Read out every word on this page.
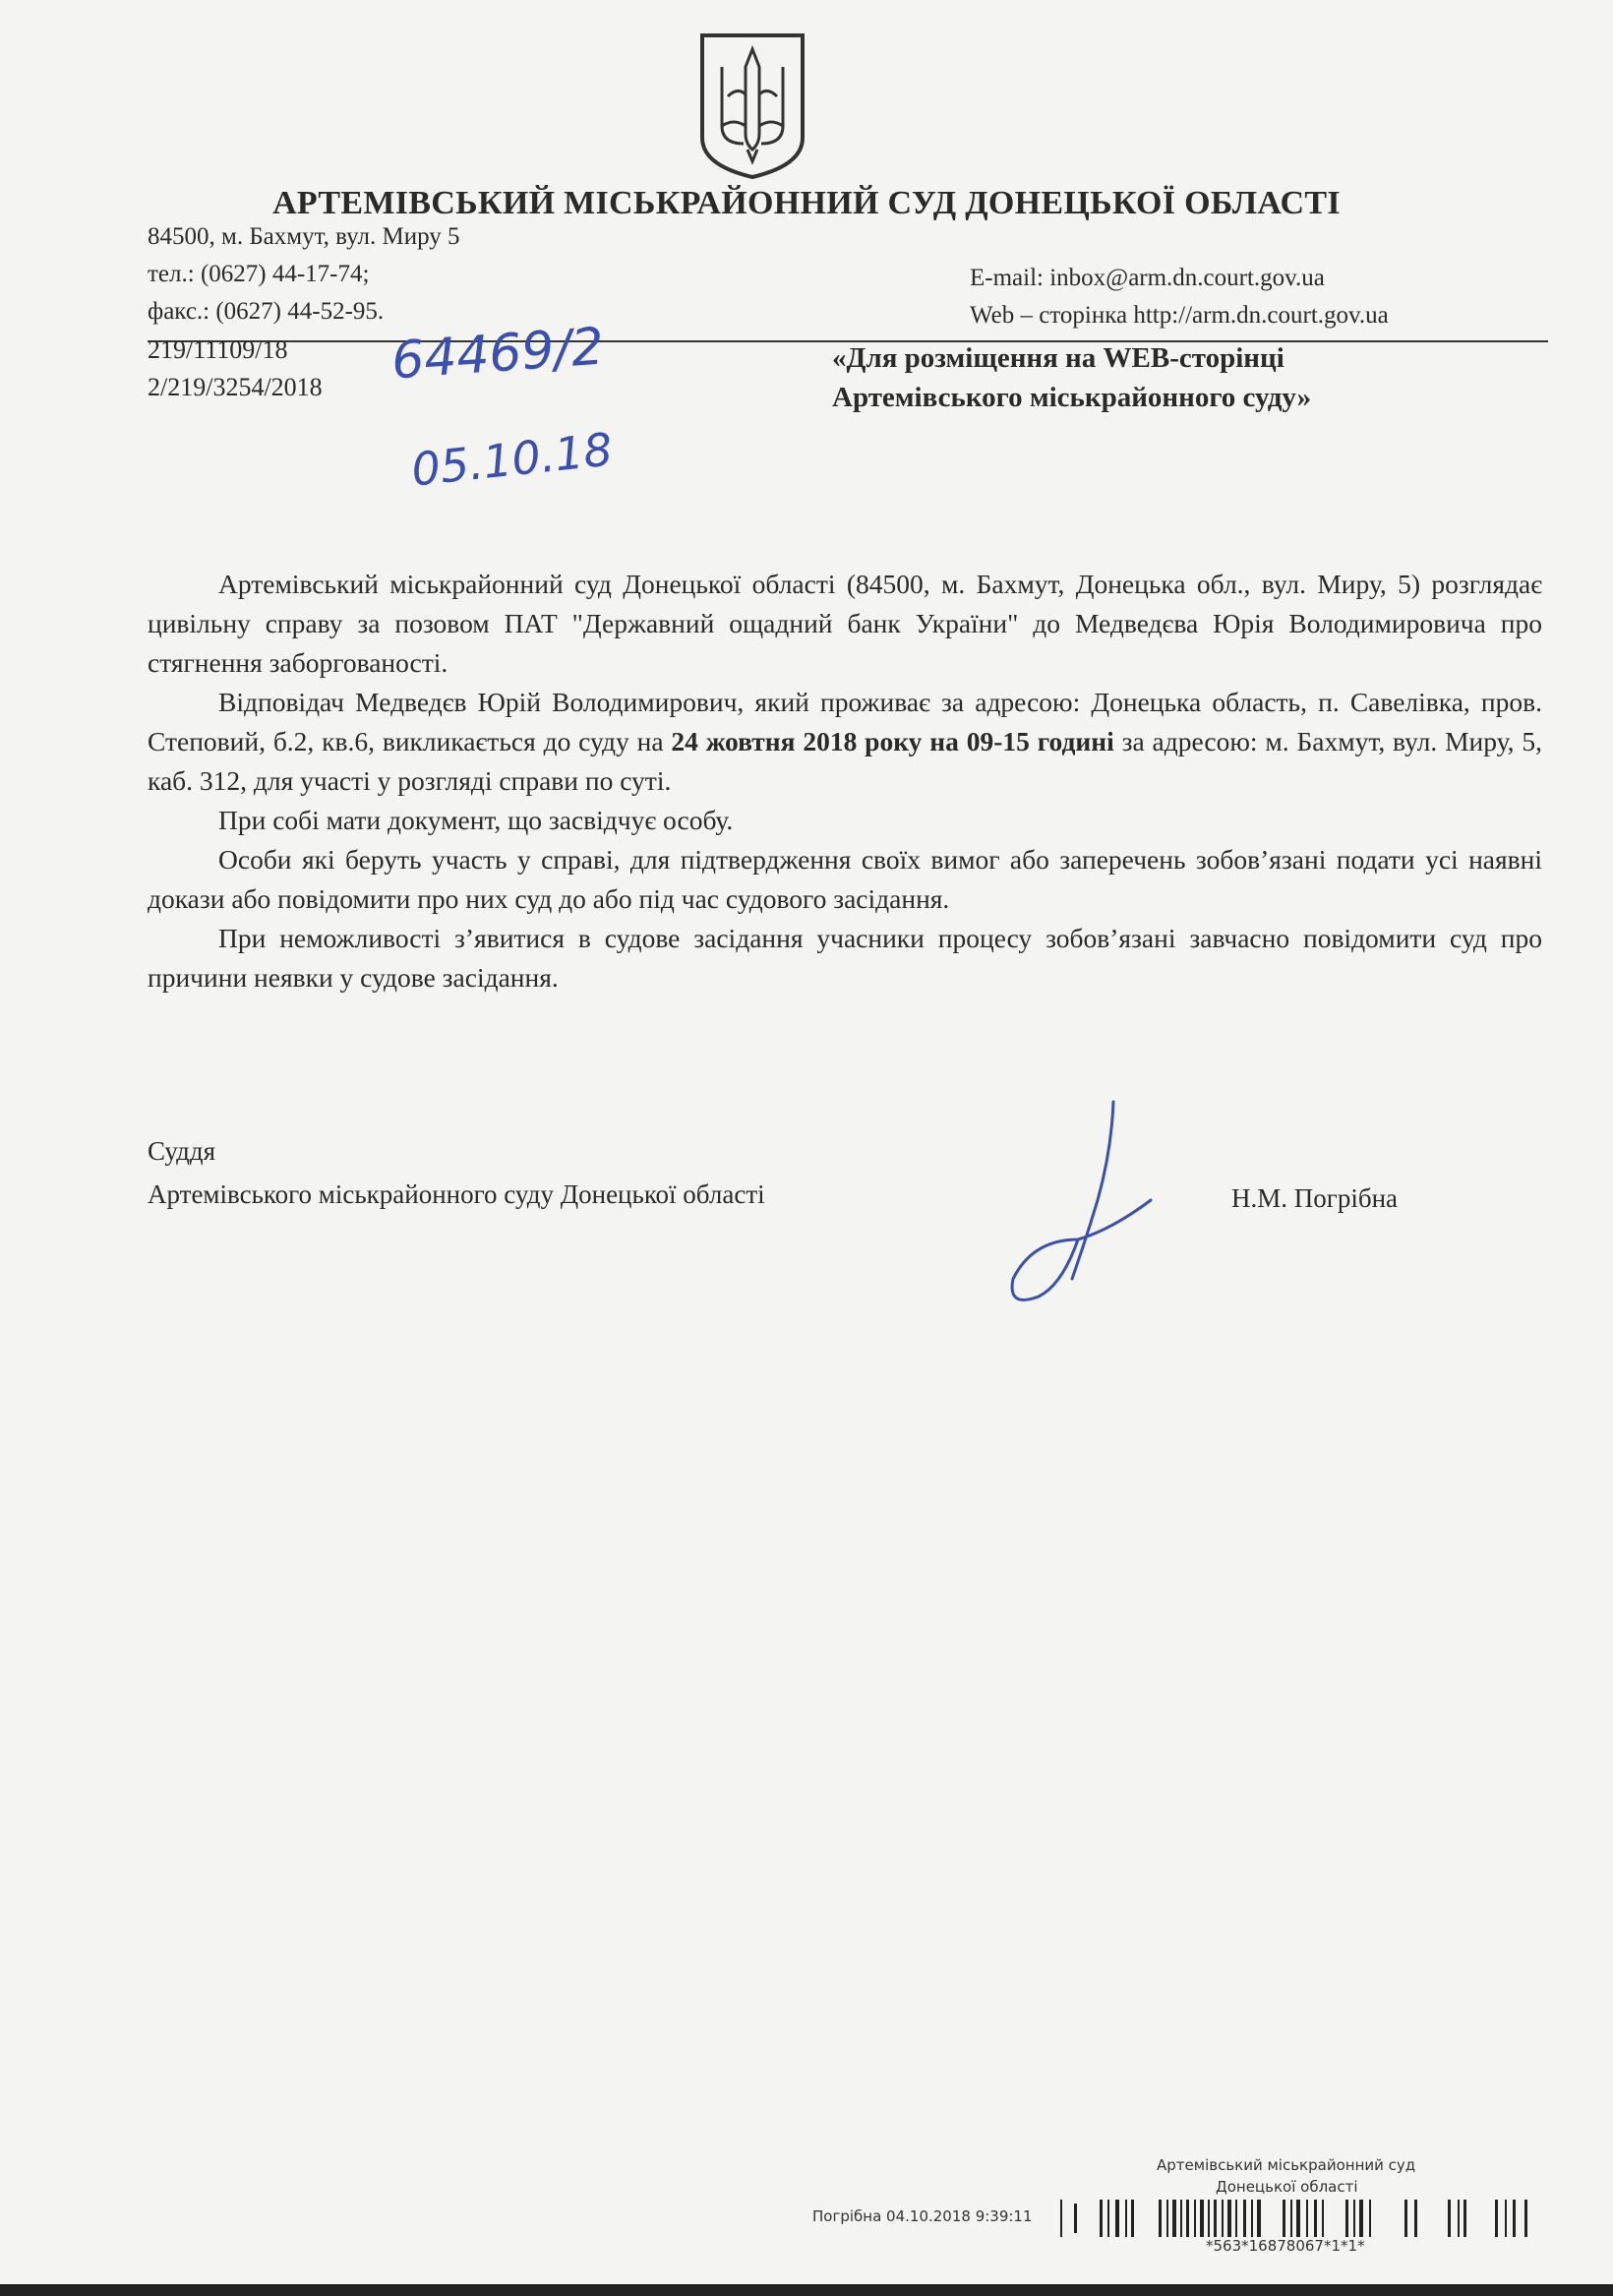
АРТЕМІВСЬКИЙ МІСЬКРАЙОННИЙ СУД ДОНЕЦЬКОЇ ОБЛАСТІ
84500, м. Бахмут, вул. Миру 5
тел.: (0627) 44-17-74;
факс.: (0627) 44-52-95.
E-mail: inbox@arm.dn.court.gov.ua
Web – сторінка http://arm.dn.court.gov.ua
219/11109/18
2/219/3254/2018 64469/2
05.10.18
«Для розміщення на WEB-сторінці
Артемівського міськрайонного суду»

Артемівський міськрайонний суд Донецької області (84500, м. Бахмут, Донецька обл., вул. Миру, 5) розглядає цивільну справу за позовом ПАТ "Державний ощадний банк України" до Медведєва Юрія Володимировича про стягнення заборгованості.

Відповідач Медведєв Юрій Володимирович, який проживає за адресою: Донецька область, п. Савелівка, пров. Степовий, б.2, кв.6, викликається до суду на 24 жовтня 2018 року на 09-15 годині за адресою: м. Бахмут, вул. Миру, 5, каб. 312, для участі у розгляді справи по суті.

При собі мати документ, що засвідчує особу.

Особи які беруть участь у справі, для підтвердження своїх вимог або заперечень зобов’язані подати усі наявні докази або повідомити про них суд до або під час судового засідання.

При неможливості з’явитися в судове засідання учасники процесу зобов’язані завчасно повідомити суд про причини неявки у судове засідання.

Суддя
Артемівського міськрайонного суду Донецької області	Н.М. Погрібна
Артемівський міськрайонний суд
Донецької області
Погрібна 04.10.2018 9:39:11
*563*16878067*1*1*
